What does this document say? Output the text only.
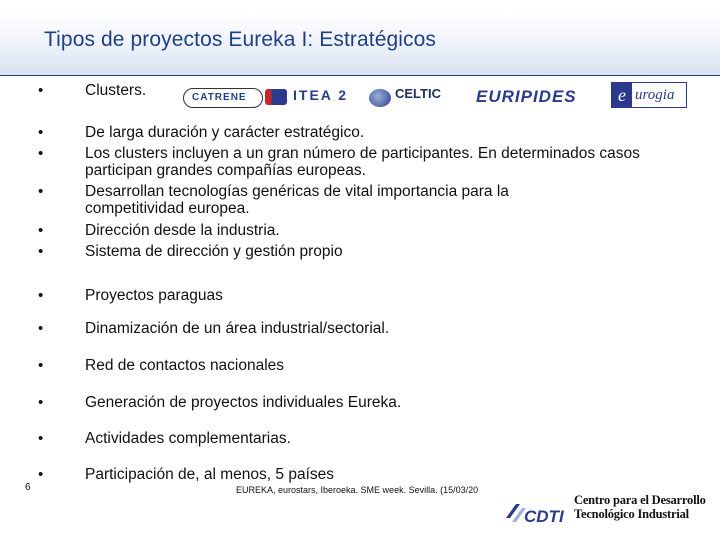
Tipos de proyectos Eureka I: Estratégicos
•	Clusters.	CATRENE	ITEA 2	CELTIC	EURIPIDES	e urogia
•	De larga duración y carácter estratégico.
•	Los clusters incluyen a un gran número de participantes. En determinados casos participan grandes compañías europeas.
•	Desarrollan tecnologías genéricas de vital importancia para la competitividad europea.
•	Dirección desde la industria.
•	Sistema de dirección y gestión propio
•	Proyectos paraguas
•	Dinamización de un área industrial/sectorial.
•	Red de contactos nacionales
•	Generación de proyectos individuales Eureka.
•	Actividades complementarias.
•	Participación de, al menos, 5 países
6	EUREKA, eurostars, Iberoeka. SME week. Sevilla. (15/03/20
CDTI
Centro para el Desarrollo
Tecnológico Industrial
